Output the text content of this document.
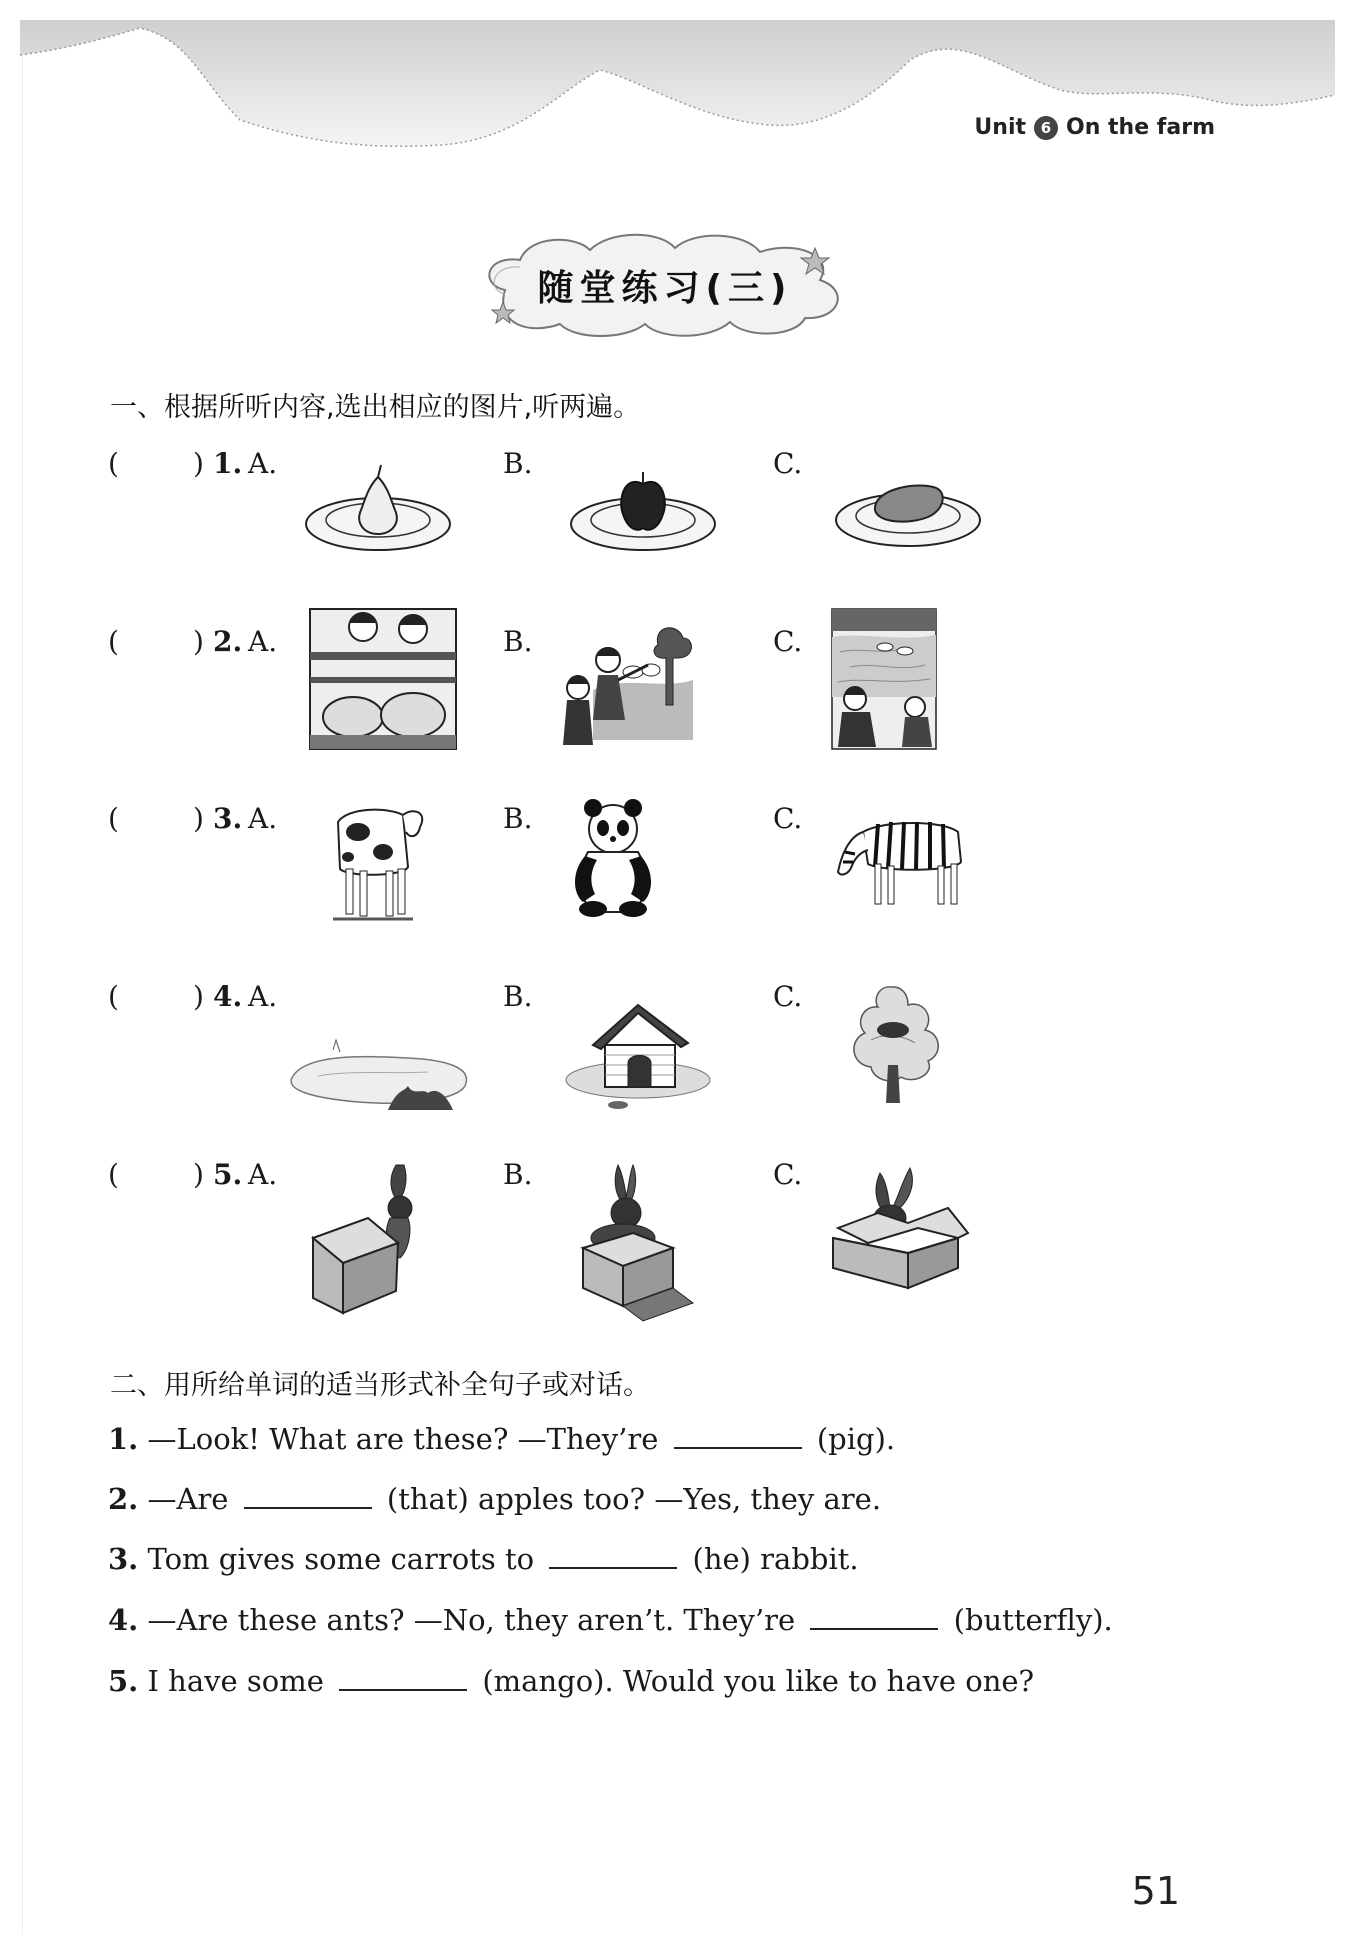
Unit 6 On the farm
随堂练习(三)
一、根据所听内容,选出相应的图片,听两遍。
(	) 1. A.	B.	C.
(	) 2. A.	B.	C.
(	) 3. A.	B.	C.
(	) 4. A.	B.	C.
(	) 5. A.	B.	C.
二、用所给单词的适当形式补全句子或对话。
1. —Look! What are these? —They’re	(pig).
2. —Are	(that) apples too? —Yes, they are.
3. Tom gives some carrots to	(he) rabbit.
4. —Are these ants? —No, they aren’t. They’re	(butterfly).
5. I have some	(mango). Would you like to have one?
51
